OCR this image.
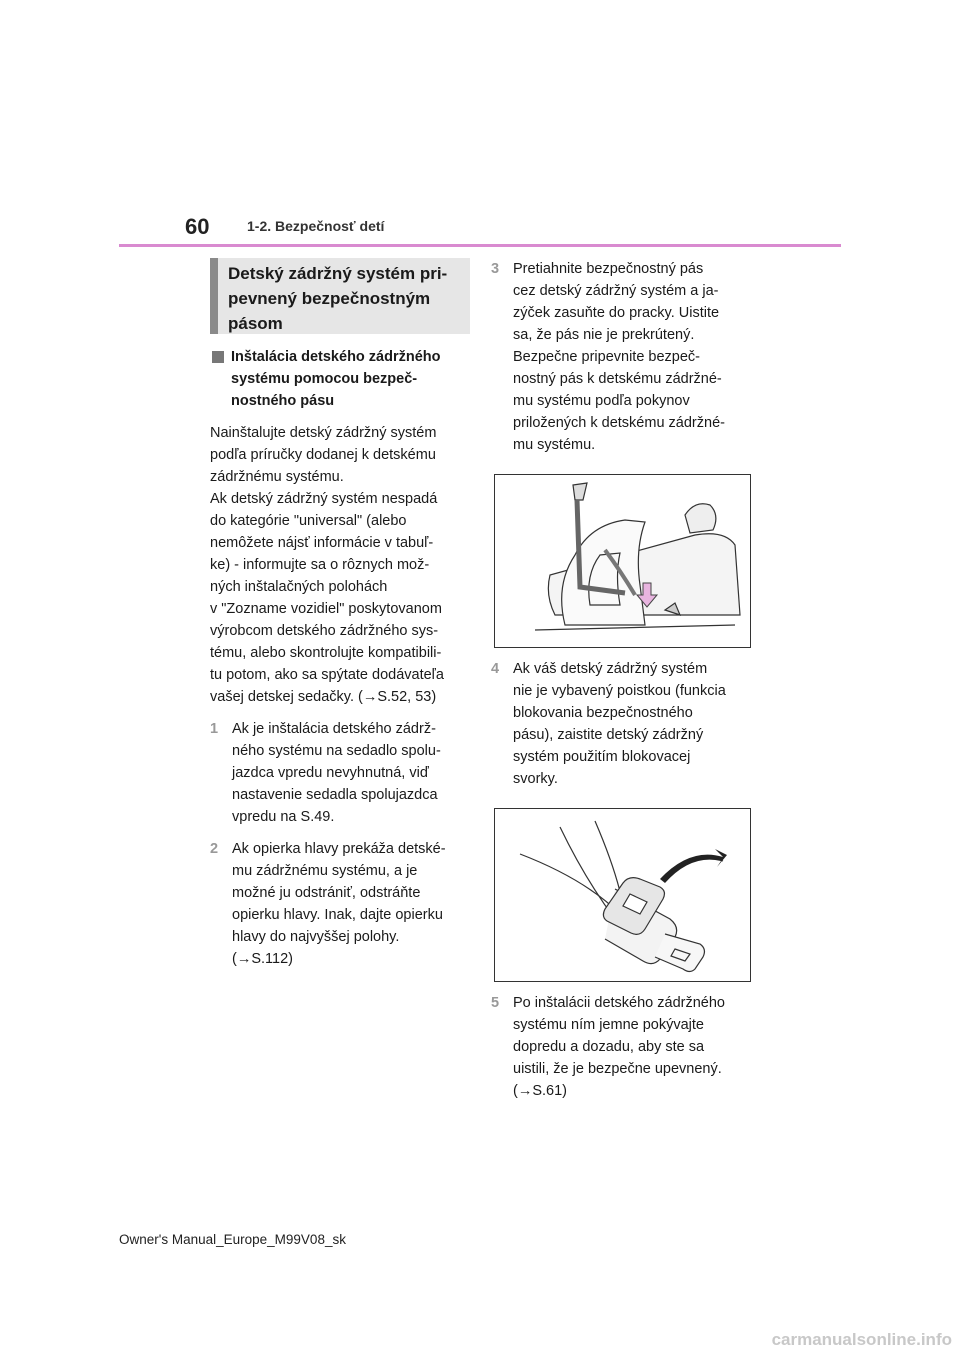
60	1-2. Bezpečnosť detí
Detský zádržný systém pri-
pevnený bezpečnostným
pásom
Inštalácia detského zádržného
systému pomocou bezpeč-
nostného pásu
Nainštalujte detský zádržný systém
podľa príručky dodanej k detskému
zádržnému systému.
Ak detský zádržný systém nespadá
do kategórie "universal" (alebo
nemôžete nájsť informácie v tabuľ-
ke) - informujte sa o rôznych mož-
ných inštalačných polohách
v "Zozname vozidiel" poskytovanom
výrobcom detského zádržného sys-
tému, alebo skontrolujte kompatibili-
tu potom, ako sa spýtate dodávateľa
vašej detskej sedačky. (→S.52, 53)
1 Ak je inštalácia detského zádrž-
ného systému na sedadlo spolu-
jazdca vpredu nevyhnutná, viď
nastavenie sedadla spolujazdca
vpredu na S.49.
2 Ak opierka hlavy prekáža detské-
mu zádržnému systému, a je
možné ju odstrániť, odstráňte
opierku hlavy. Inak, dajte opierku
hlavy do najvyššej polohy.
(→S.112)
3 Pretiahnite bezpečnostný pás
cez detský zádržný systém a ja-
zýček zasuňte do pracky. Uistite
sa, že pás nie je prekrútený.
Bezpečne pripevnite bezpeč-
nostný pás k detskému zádržné-
mu systému podľa pokynov
priložených k detskému zádržné-
mu systému.
4 Ak váš detský zádržný systém
nie je vybavený poistkou (funkcia
blokovania bezpečnostného
pásu), zaistite detský zádržný
systém použitím blokovacej
svorky.
5 Po inštalácii detského zádržného
systému ním jemne pokývajte
dopredu a dozadu, aby ste sa
uistili, že je bezpečne upevnený.
(→S.61)
Owner's Manual_Europe_M99V08_sk
carmanualsonline.info
